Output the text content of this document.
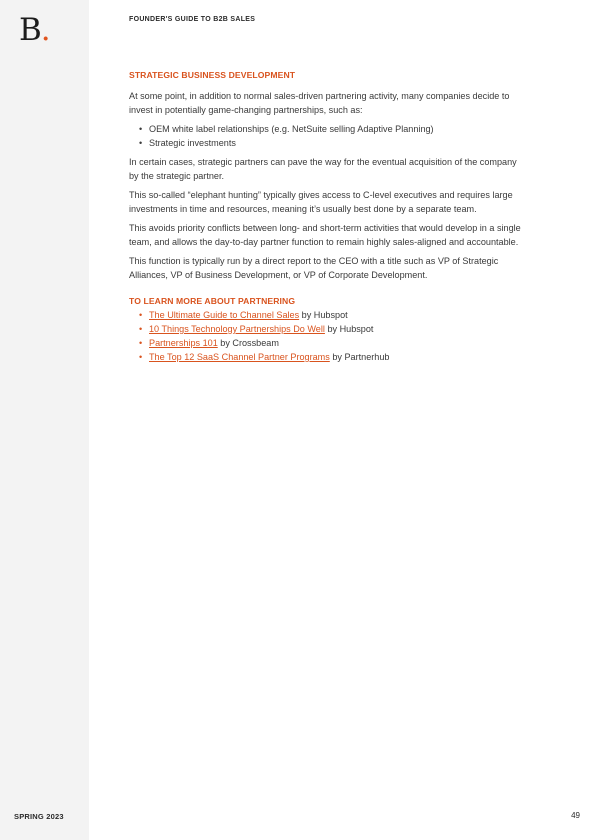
B.
SPRING 2023
FOUNDER'S GUIDE TO B2B SALES
STRATEGIC BUSINESS DEVELOPMENT

At some point, in addition to normal sales-driven partnering activity, many companies decide to invest in potentially game-changing partnerships, such as:

• OEM white label relationships (e.g. NetSuite selling Adaptive Planning)
• Strategic investments

In certain cases, strategic partners can pave the way for the eventual acquisition of the company by the strategic partner.

This so-called “elephant hunting” typically gives access to C-level executives and requires large investments in time and resources, meaning it’s usually best done by a separate team.

This avoids priority conflicts between long- and short-term activities that would develop in a single team, and allows the day-to-day partner function to remain highly sales-aligned and accountable.

This function is typically run by a direct report to the CEO with a title such as VP of Strategic Alliances, VP of Business Development, or VP of Corporate Development.

TO LEARN MORE ABOUT PARTNERING
• The Ultimate Guide to Channel Sales by Hubspot
• 10 Things Technology Partnerships Do Well by Hubspot
• Partnerships 101 by Crossbeam
• The Top 12 SaaS Channel Partner Programs by Partnerhub
49
